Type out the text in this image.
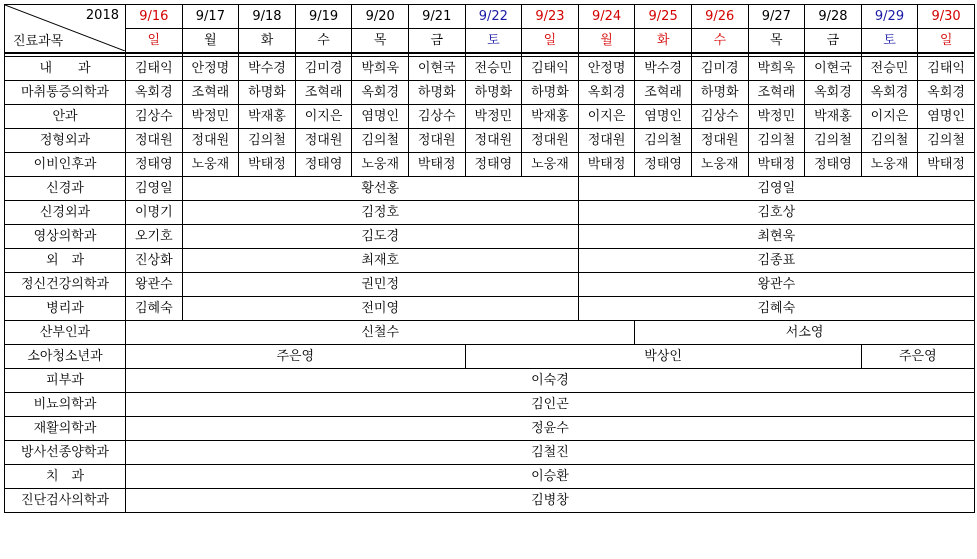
2018
진료과목	9/16	9/17	9/18	9/19	9/20	9/21	9/22	9/23	9/24	9/25	9/26	9/27	9/28	9/29	9/30
	일	월	화	수	목	금	토	일	월	화	수	목	금	토	일

내　　과	김태익	안정명	박수경	김미경	박희욱	이현국	전승민	김태익	안정명	박수경	김미경	박희욱	이현국	전승민	김태익
마취통증의학과	옥회경	조혁래	하명화	조혁래	옥회경	하명화	하명화	하명화	옥회경	조혁래	하명화	조혁래	옥회경	옥회경	옥회경
안과	김상수	박정민	박재홍	이지은	염명인	김상수	박정민	박재홍	이지은	염명인	김상수	박정민	박재홍	이지은	염명인
정형외과	정대원	정대원	김의철	정대원	김의철	정대원	정대원	정대원	정대원	김의철	정대원	김의철	김의철	김의철	김의철
이비인후과	정태영	노웅재	박태정	정태영	노웅재	박태정	정태영	노웅재	박태정	정태영	노웅재	박태정	정태영	노웅재	박태정
신경과	김영일	황선홍							김영일						
신경외과	이명기	김정호							김호상						
영상의학과	오기호	김도경							최현욱						
외　과	진상화	최재호							김종표						
정신건강의학과	왕관수	권민정							왕관수						
병리과	김혜숙	전미영							김혜숙						
산부인과	신철수									서소영					
소아청소년과	주은영						박상인							주은영	
피부과	이숙경														
비뇨의학과	김인곤														
재활의학과	정윤수														
방사선종양학과	김철진														
치　과	이승환														
진단검사의학과	김병창														
